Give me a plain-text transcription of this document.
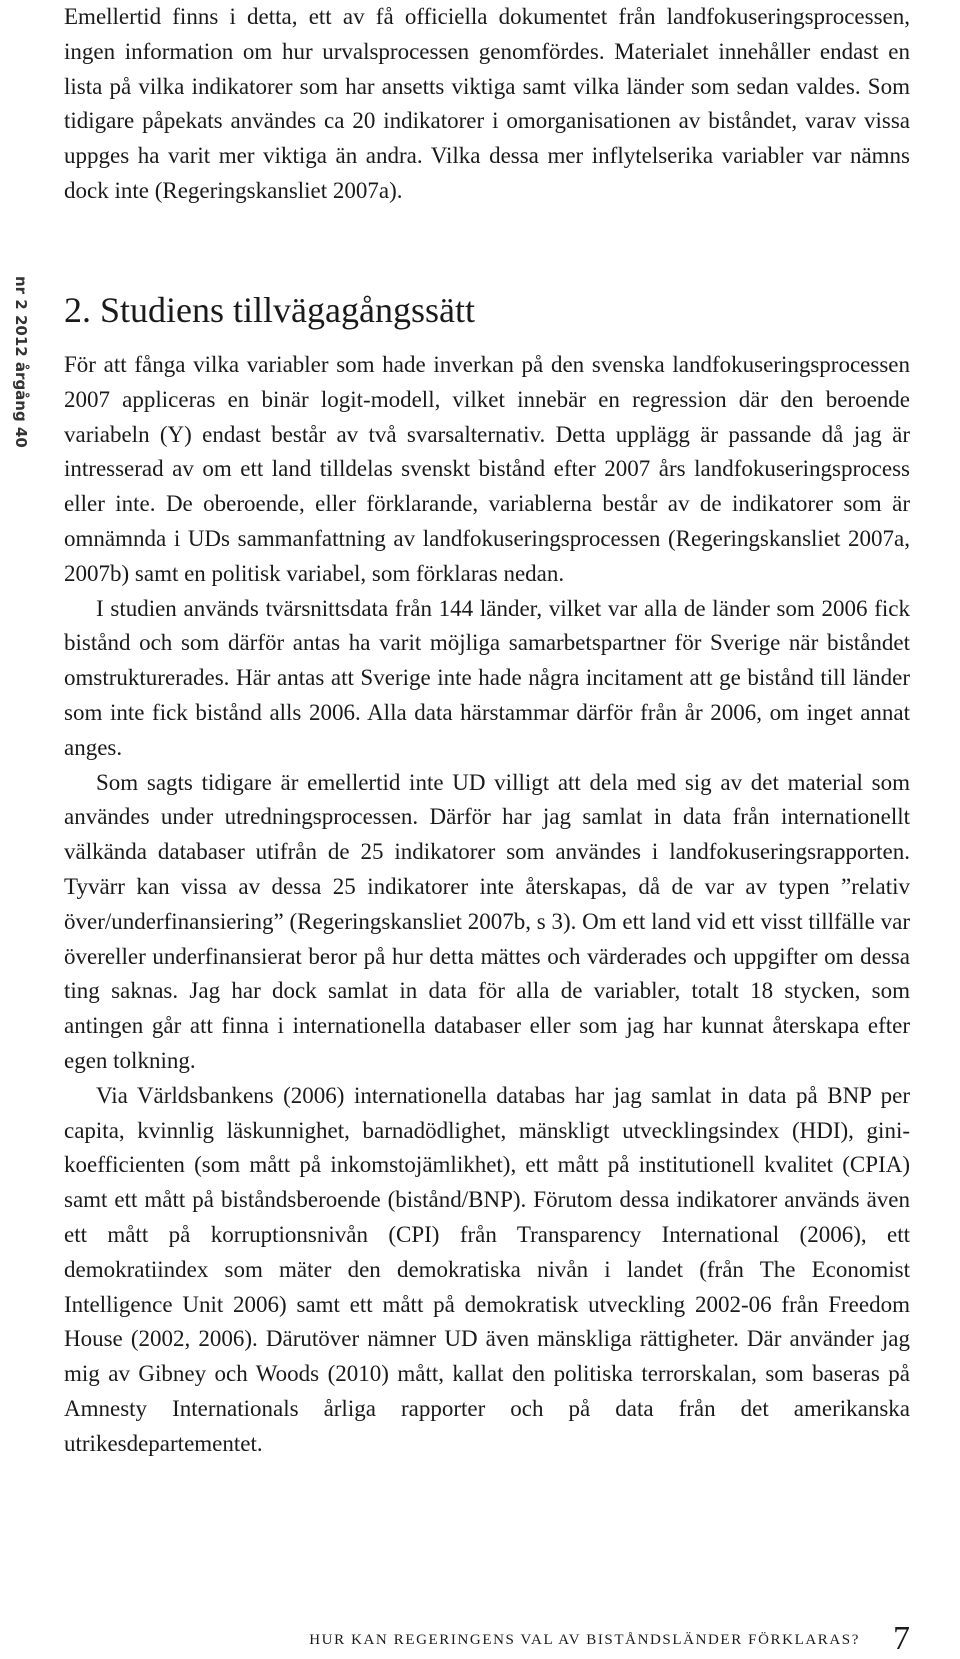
nr 2 2012 årgång 40

Emellertid finns i detta, ett av få officiella dokumentet från landfokuseringsprocessen, ingen information om hur urvalsprocessen genomfördes. Materialet innehåller endast en lista på vilka indikatorer som har ansetts viktiga samt vilka länder som sedan valdes. Som tidigare påpekats användes ca 20 indikatorer i omorganisationen av biståndet, varav vissa uppges ha varit mer viktiga än andra. Vilka dessa mer inflytelserika variabler var nämns dock inte (Regeringskansliet 2007a).

2. Studiens tillvägagångssätt

För att fånga vilka variabler som hade inverkan på den svenska landfokuseringsprocessen 2007 appliceras en binär logit-modell, vilket innebär en regression där den beroende variabeln (Y) endast består av två svarsalternativ. Detta upplägg är passande då jag är intresserad av om ett land tilldelas svenskt bistånd efter 2007 års landfokuseringsprocess eller inte. De oberoende, eller förklarande, variablerna består av de indikatorer som är omnämnda i UDs sammanfattning av landfokuseringsprocessen (Regeringskansliet 2007a, 2007b) samt en politisk variabel, som förklaras nedan.

I studien används tvärsnittsdata från 144 länder, vilket var alla de länder som 2006 fick bistånd och som därför antas ha varit möjliga samarbetspartner för Sverige när biståndet omstrukturerades. Här antas att Sverige inte hade några incitament att ge bistånd till länder som inte fick bistånd alls 2006. Alla data härstammar därför från år 2006, om inget annat anges.

Som sagts tidigare är emellertid inte UD villigt att dela med sig av det material som användes under utredningsprocessen. Därför har jag samlat in data från internationellt välkända databaser utifrån de 25 indikatorer som användes i landfokuseringsrapporten. Tyvärr kan vissa av dessa 25 indikatorer inte återskapas, då de var av typen ”relativ över/underfinansiering” (Regeringskansliet 2007b, s 3). Om ett land vid ett visst tillfälle var övereller underfinansierat beror på hur detta mättes och värderades och uppgifter om dessa ting saknas. Jag har dock samlat in data för alla de variabler, totalt 18 stycken, som antingen går att finna i internationella databaser eller som jag har kunnat återskapa efter egen tolkning.

Via Världsbankens (2006) internationella databas har jag samlat in data på BNP per capita, kvinnlig läskunnighet, barnadödlighet, mänskligt utvecklingsindex (HDI), gini-koefficienten (som mått på inkomstojämlikhet), ett mått på institutionell kvalitet (CPIA) samt ett mått på biståndsberoende (bistånd/BNP). Förutom dessa indikatorer används även ett mått på korruptionsnivån (CPI) från Transparency International (2006), ett demokratiindex som mäter den demokratiska nivån i landet (från The Economist Intelligence Unit 2006) samt ett mått på demokratisk utveckling 2002-06 från Freedom House (2002, 2006). Därutöver nämner UD även mänskliga rättigheter. Där använder jag mig av Gibney och Woods (2010) mått, kallat den politiska terrorskalan, som baseras på Amnesty Internationals årliga rapporter och på data från det amerikanska utrikesdepartementet.

HUR KAN REGERINGENS VAL AV BISTÅNDSLÄNDER FÖRKLARAS? 7
